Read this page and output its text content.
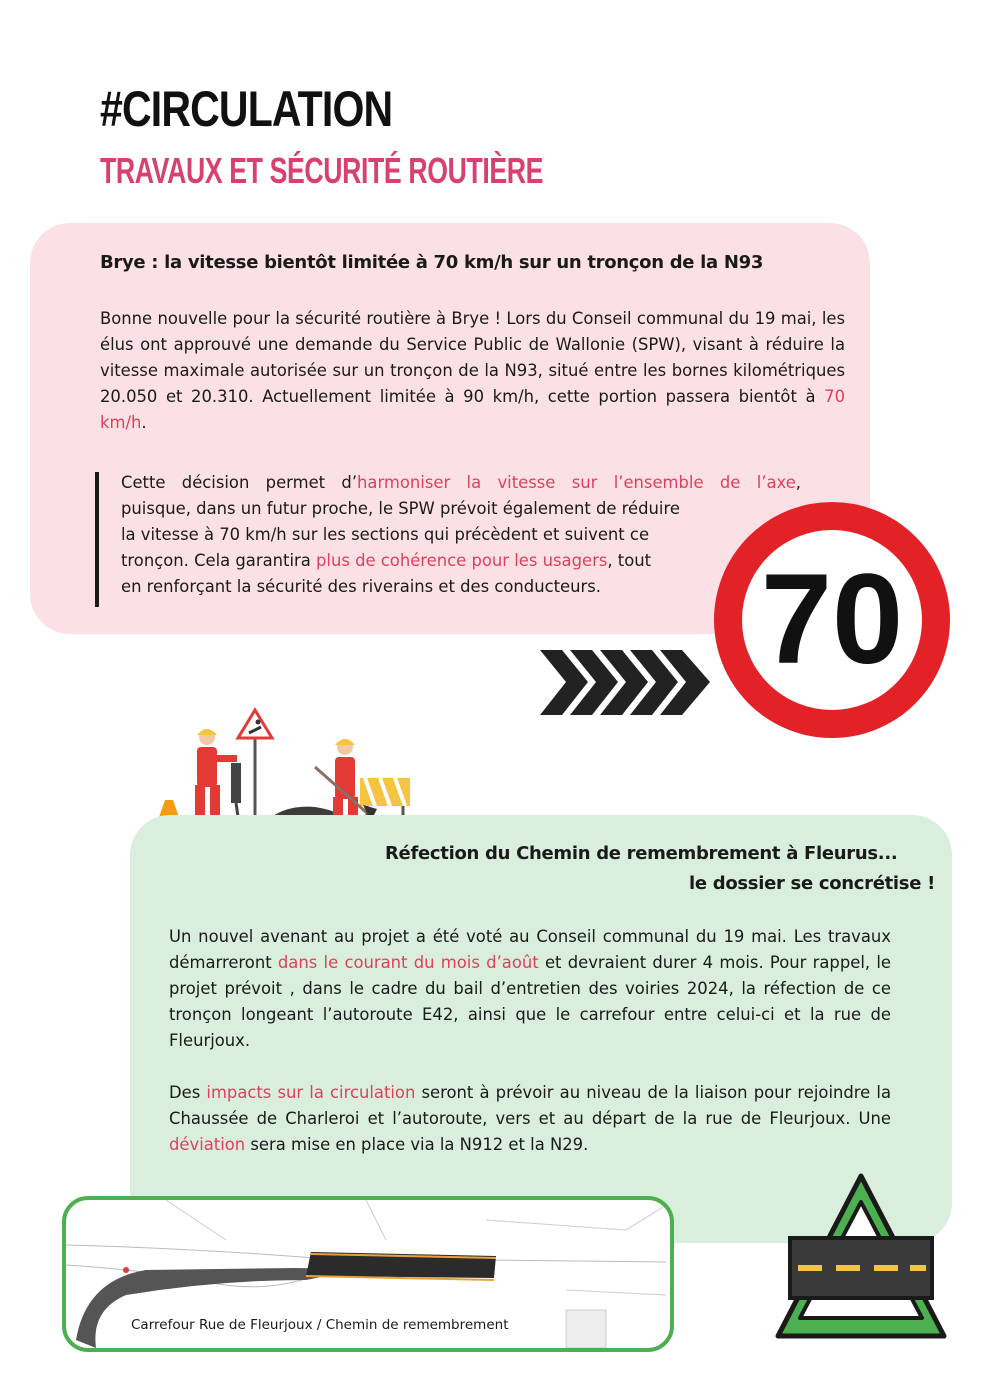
#CIRCULATION
TRAVAUX ET SÉCURITÉ ROUTIÈRE
Brye : la vitesse bientôt limitée à 70 km/h sur un tronçon de la N93
Bonne nouvelle pour la sécurité routière à Brye ! Lors du Conseil communal du 19 mai, les élus ont approuvé une demande du Service Public de Wallonie (SPW), visant à réduire la vitesse maximale autorisée sur un tronçon de la N93, situé entre les bornes kilométriques 20.050 et 20.310. Actuellement limitée à 90 km/h, cette portion passera bientôt à 70 km/h.
Cette décision permet d’harmoniser la vitesse sur l’ensemble de l’axe,
puisque, dans un futur proche, le SPW prévoit également de réduire
la vitesse à 70 km/h sur les sections qui précèdent et suivent ce
tronçon. Cela garantira plus de cohérence pour les usagers, tout
en renforçant la sécurité des riverains et des conducteurs.	70
Réfection du Chemin de remembrement à Fleurus...
le dossier se concrétise !
Un nouvel avenant au projet a été voté au Conseil communal du 19 mai. Les travaux démarreront dans le courant du mois d’août et devraient durer 4 mois. Pour rappel, le projet prévoit , dans le cadre du bail d’entretien des voiries 2024, la réfection de ce tronçon longeant l’autoroute E42, ainsi que le carrefour entre celui-ci et la rue de Fleurjoux.
Des impacts sur la circulation seront à prévoir au niveau de la liaison pour rejoindre la Chaussée de Charleroi et l’autoroute, vers et au départ de la rue de Fleurjoux. Une déviation sera mise en place via la N912 et la N29.
Carrefour Rue de Fleurjoux / Chemin de remembrement
